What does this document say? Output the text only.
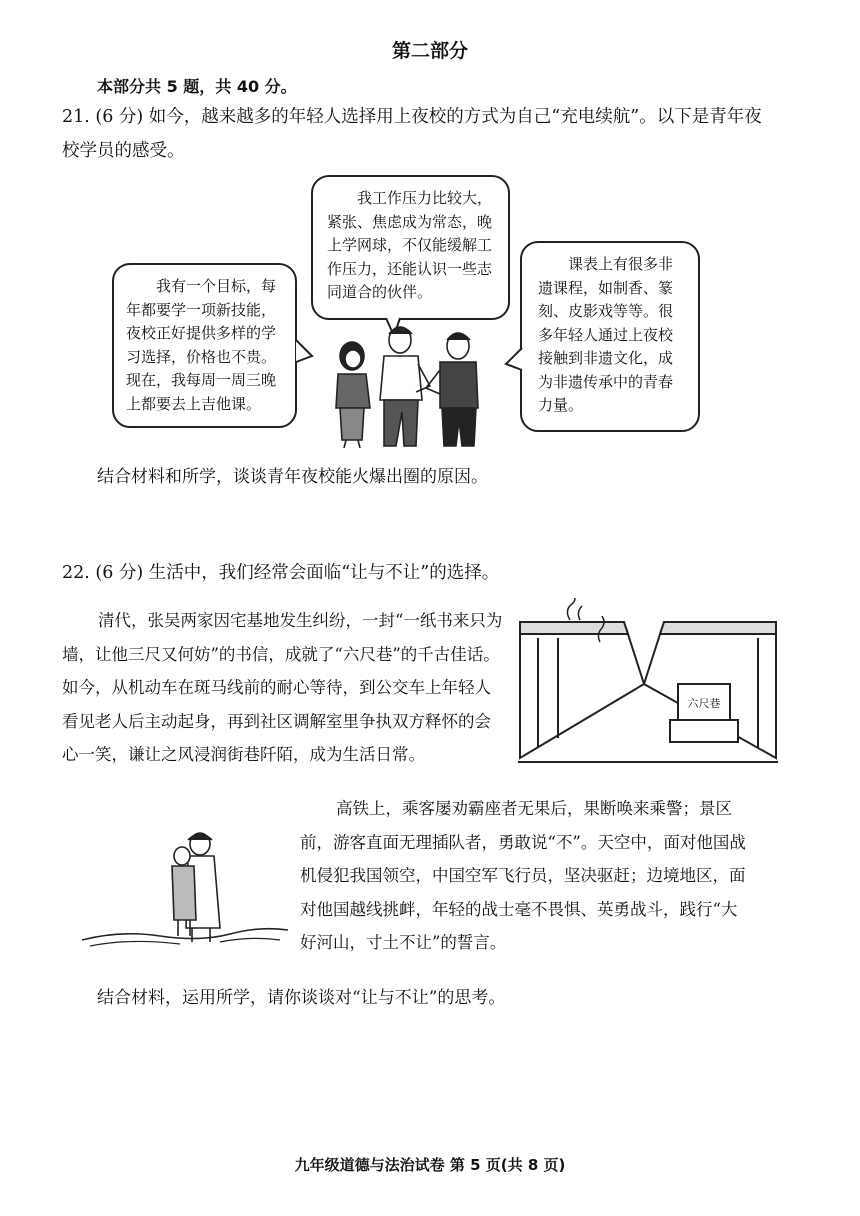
第二部分
本部分共 5 题，共 40 分。
21. (6 分) 如今，越来越多的年轻人选择用上夜校的方式为自己“充电续航”。以下是青年夜
校学员的感受。

我工作压力比较大，

紧张、焦虑成为常态，晚

上学网球，不仅能缓解工

作压力，还能认识一些志

同道合的伙伴。

我有一个目标，每

年都要学一项新技能，

夜校正好提供多样的学

习选择，价格也不贵。

现在，我每周一周三晚

上都要去上吉他课。

课表上有很多非

遗课程，如制香、篆

刻、皮影戏等等。很

多年轻人通过上夜校

接触到非遗文化，成

为非遗传承中的青春

力量。

结合材料和所学，谈谈青年夜校能火爆出圈的原因。
22. (6 分) 生活中，我们经常会面临“让与不让”的选择。
清代，张吴两家因宅基地发生纠纷，一封“一纸书来只为
墙，让他三尺又何妨”的书信，成就了“六尺巷”的千古佳话。
如今，从机动车在斑马线前的耐心等待，到公交车上年轻人
看见老人后主动起身，再到社区调解室里争执双方释怀的会
心一笑，谦让之风浸润街巷阡陌，成为生活日常。
六尺巷
高铁上，乘客屡劝霸座者无果后，果断唤来乘警；景区
前，游客直面无理插队者，勇敢说“不”。天空中，面对他国战
机侵犯我国领空，中国空军飞行员，坚决驱赶；边境地区，面
对他国越线挑衅，年轻的战士毫不畏惧、英勇战斗，践行“大
好河山，寸土不让”的誓言。
结合材料，运用所学，请你谈谈对“让与不让”的思考。
九年级道德与法治试卷 第 5 页(共 8 页)
